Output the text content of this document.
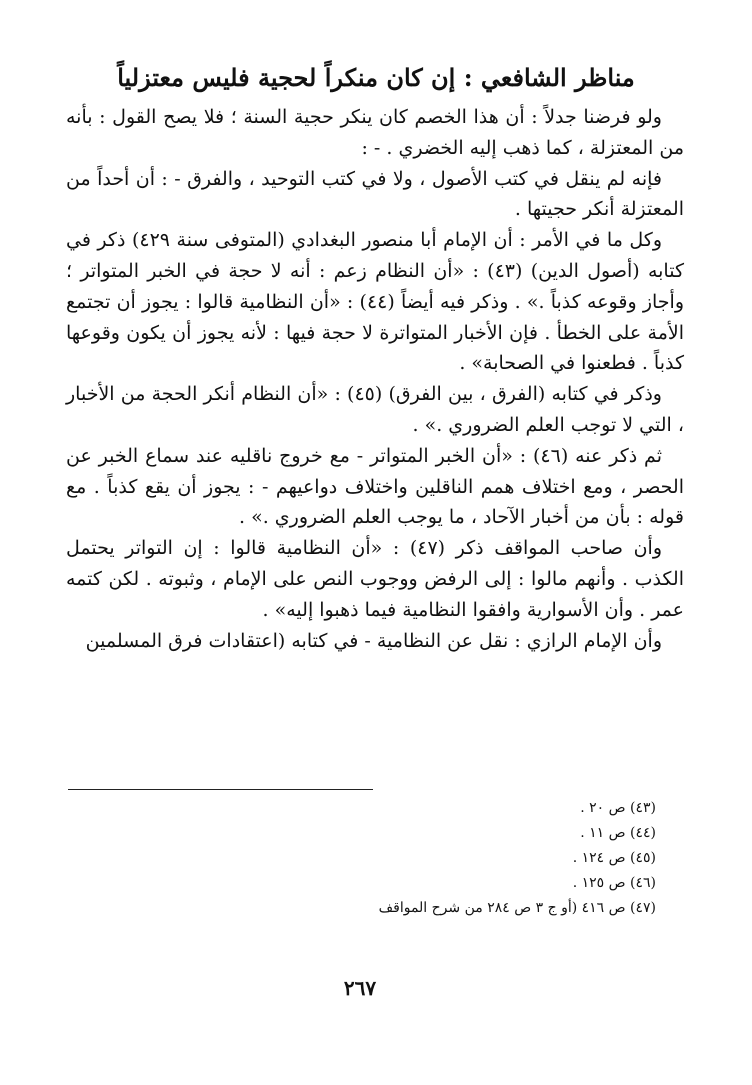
مناظر الشافعي : إن كان منكراً لحجية فليس معتزلياً

ولو فرضنا جدلاً : أن هذا الخصم كان ينكر حجية السنة ؛ فلا يصح القول : بأنه من المعتزلة ، كما ذهب إليه الخضري . - :

فإنه لم ينقل في كتب الأصول ، ولا في كتب التوحيد ، والفرق - : أن أحداً من المعتزلة أنكر حجيتها .

وكل ما في الأمر : أن الإمام أبا منصور البغدادي (المتوفى سنة ٤٢٩) ذكر في كتابه (أصول الدين) (٤٣) : «أن النظام زعم : أنه لا حجة في الخبر المتواتر ؛ وأجاز وقوعه كذباً .» . وذكر فيه أيضاً (٤٤) : «أن النظامية قالوا : يجوز أن تجتمع الأمة على الخطأ . فإن الأخبار المتواترة لا حجة فيها : لأنه يجوز أن يكون وقوعها كذباً . فطعنوا في الصحابة» .

وذكر في كتابه (الفرق ، بين الفرق) (٤٥) : «أن النظام أنكر الحجة من الأخبار ، التي لا توجب العلم الضروري .» .

ثم ذكر عنه (٤٦) : «أن الخبر المتواتر - مع خروج ناقليه عند سماع الخبر عن الحصر ، ومع اختلاف همم الناقلين واختلاف دواعيهم - : يجوز أن يقع كذباً . مع قوله : بأن من أخبار الآحاد ، ما يوجب العلم الضروري .» .

وأن صاحب المواقف ذكر (٤٧) : «أن النظامية قالوا : إن التواتر يحتمل الكذب . وأنهم مالوا : إلى الرفض ووجوب النص على الإمام ، وثبوته . لكن كتمه عمر . وأن الأسوارية وافقوا النظامية فيما ذهبوا إليه» .

وأن الإمام الرازي : نقل عن النظامية - في كتابه (اعتقادات فرق المسلمين

(٤٣) ص ٢٠ .
(٤٤) ص ١١ .
(٤٥) ص ١٢٤ .
(٤٦) ص ١٢٥ .
(٤٧) ص ٤١٦ (أو ج ٣ ص ٢٨٤ من شرح المواقف
٢٦٧
